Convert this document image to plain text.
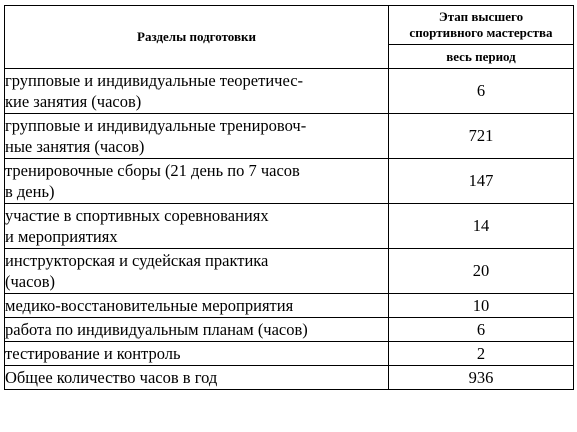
Разделы подготовки	Этап высшего
спортивного мастерства
	весь период
групповые и индивидуальные теоретичес-
кие занятия (часов)	6
групповые и индивидуальные тренировоч-
ные занятия (часов)	721
тренировочные сборы (21 день по 7 часов
в день)	147
участие в спортивных соревнованиях
и мероприятиях	14
инструкторская и судейская практика
(часов)	20
медико-восстановительные мероприятия	10
работа по индивидуальным планам (часов)	6
тестирование и контроль	2
Общее количество часов в год	936
